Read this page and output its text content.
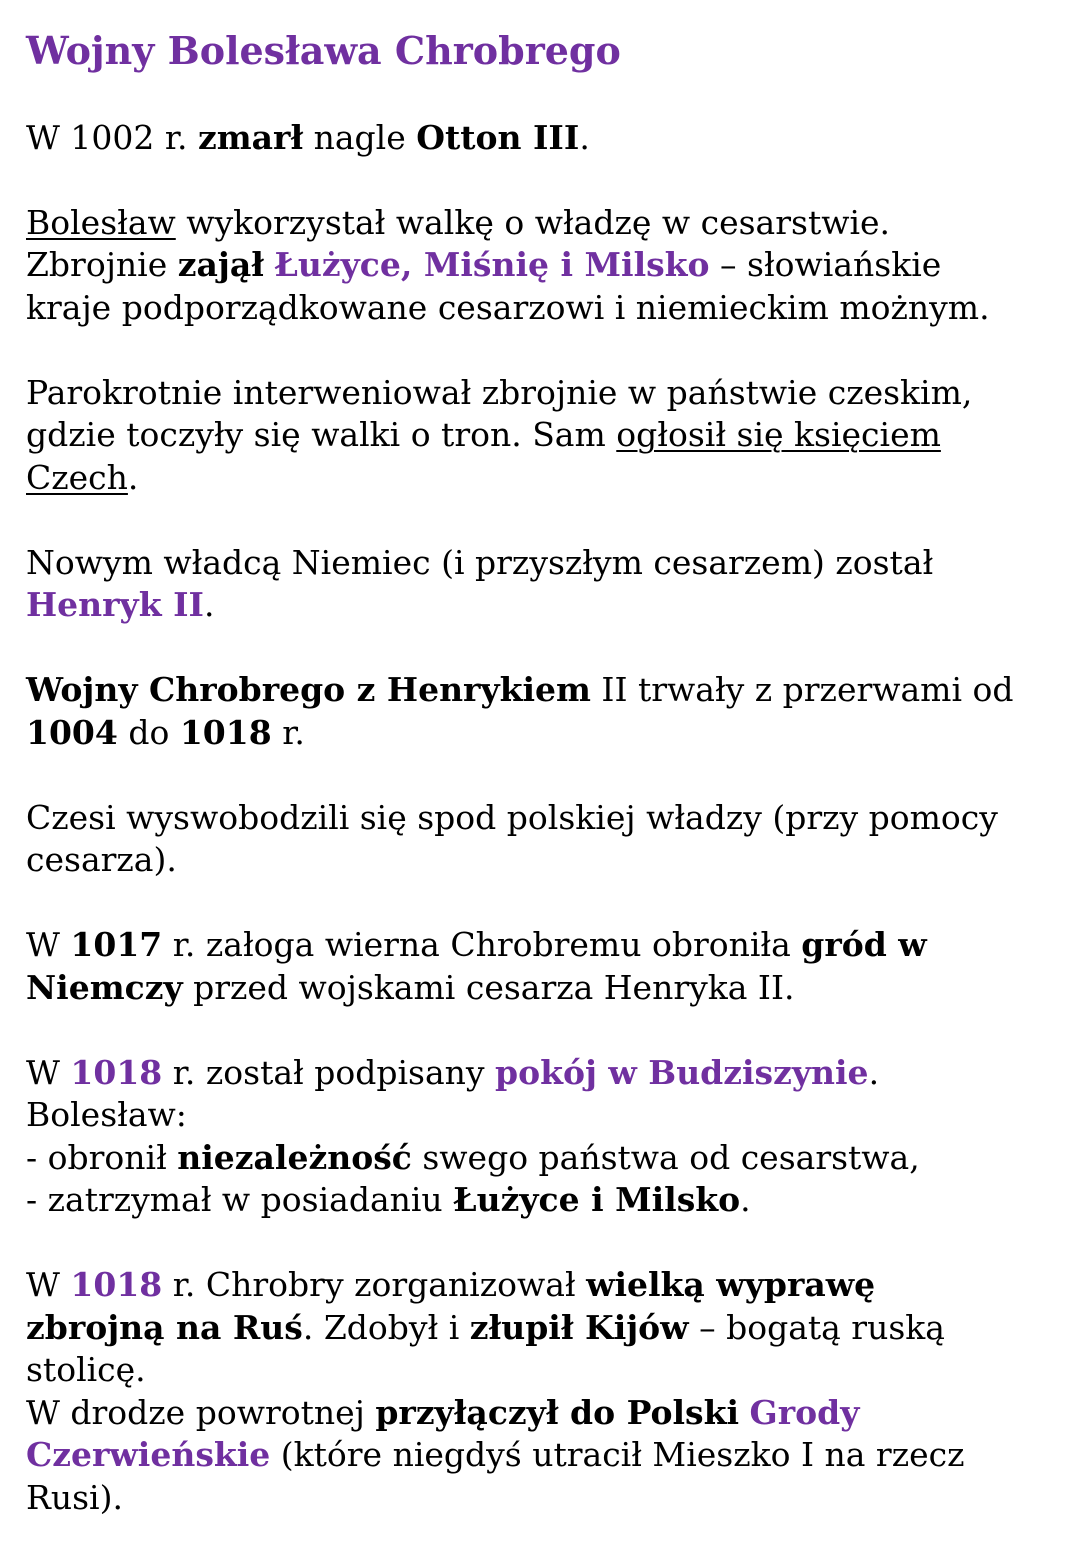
Wojny Bolesława Chrobrego

W 1002 r. zmarł nagle Otton III.

Bolesław wykorzystał walkę o władzę w cesarstwie.
Zbrojnie zajął Łużyce, Miśnię i Milsko – słowiańskie
kraje podporządkowane cesarzowi i niemieckim możnym.

Parokrotnie interweniował zbrojnie w państwie czeskim,
gdzie toczyły się walki o tron. Sam ogłosił się księciem
Czech.

Nowym władcą Niemiec (i przyszłym cesarzem) został
Henryk II.

Wojny Chrobrego z Henrykiem II trwały z przerwami od
1004 do 1018 r.

Czesi wyswobodzili się spod polskiej władzy (przy pomocy
cesarza).

W 1017 r. załoga wierna Chrobremu obroniła gród w
Niemczy przed wojskami cesarza Henryka II.

W 1018 r. został podpisany pokój w Budziszynie.
Bolesław:
- obronił niezależność swego państwa od cesarstwa,
- zatrzymał w posiadaniu Łużyce i Milsko.

W 1018 r. Chrobry zorganizował wielką wyprawę
zbrojną na Ruś. Zdobył i złupił Kijów – bogatą ruską
stolicę.
W drodze powrotnej przyłączył do Polski Grody
Czerwieńskie (które niegdyś utracił Mieszko I na rzecz
Rusi).
